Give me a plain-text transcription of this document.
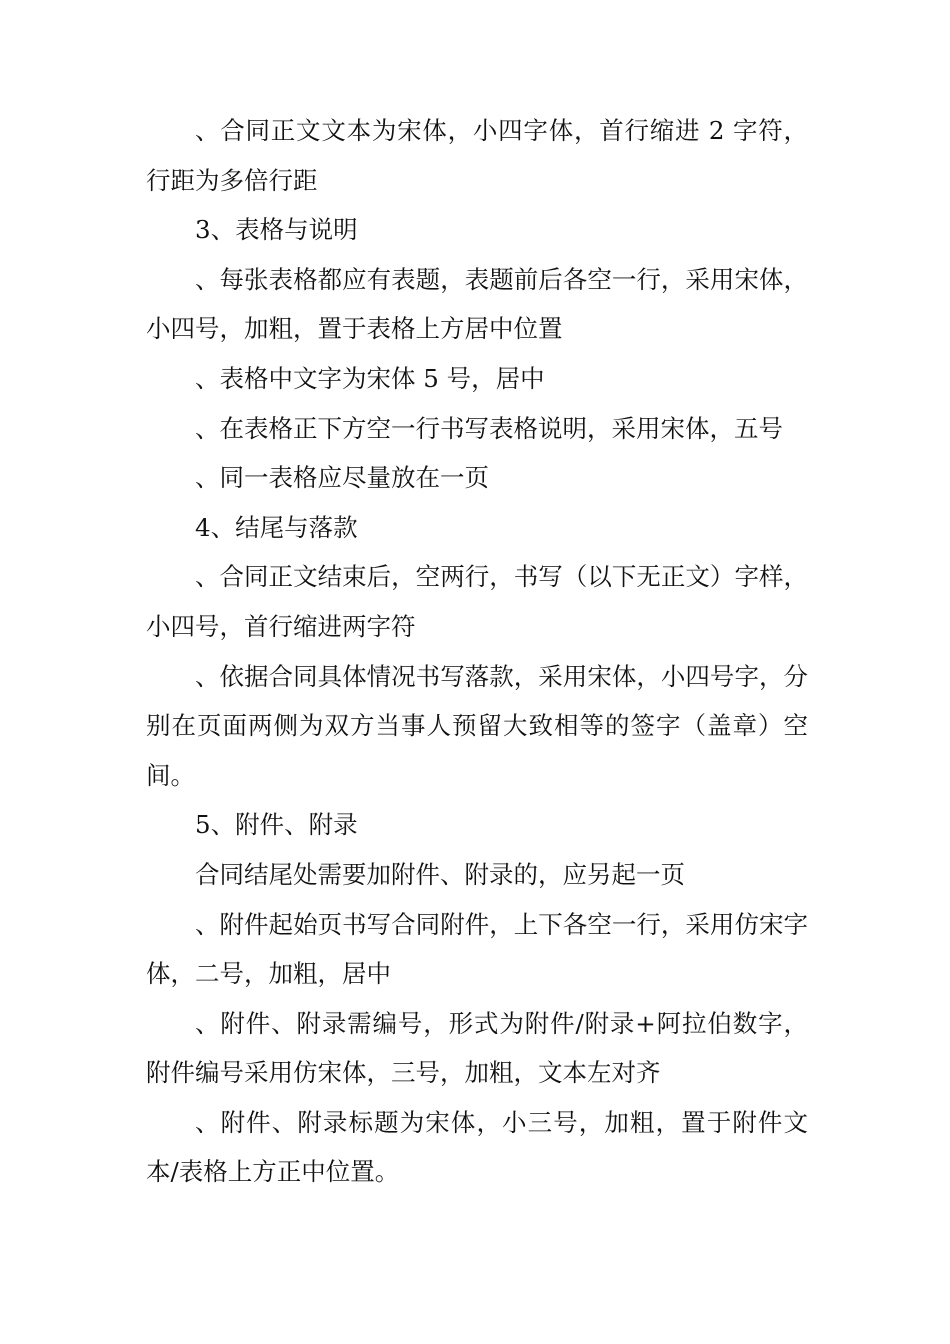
、合同正文文本为宋体，小四字体，首行缩进 2 字符，行距为多倍行距

3、表格与说明

、每张表格都应有表题，表题前后各空一行，采用宋体，小四号，加粗，置于表格上方居中位置

、表格中文字为宋体 5 号，居中

、在表格正下方空一行书写表格说明，采用宋体，五号

、同一表格应尽量放在一页

4、结尾与落款

、合同正文结束后，空两行，书写（以下无正文）字样，小四号，首行缩进两字符

、依据合同具体情况书写落款，采用宋体，小四号字，分别在页面两侧为双方当事人预留大致相等的签字（盖章）空间。

5、附件、附录

合同结尾处需要加附件、附录的，应另起一页

、附件起始页书写合同附件，上下各空一行，采用仿宋字体，二号，加粗，居中

、附件、附录需编号，形式为附件/附录+阿拉伯数字，附件编号采用仿宋体，三号，加粗，文本左对齐

、附件、附录标题为宋体，小三号，加粗，置于附件文本/表格上方正中位置。
